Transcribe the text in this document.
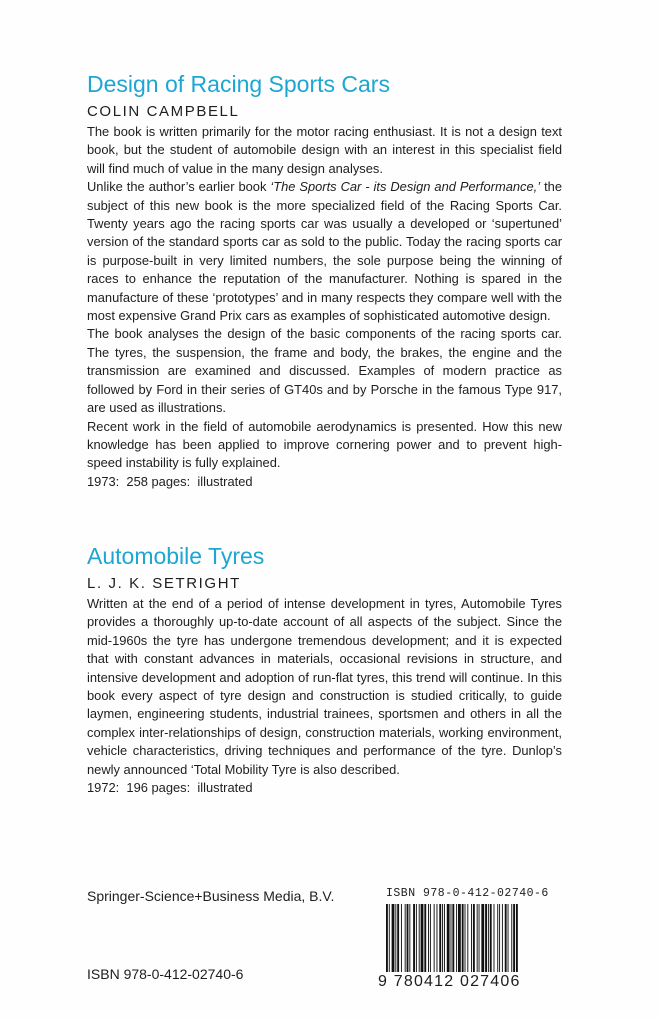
Design of Racing Sports Cars
COLIN CAMPBELL

The book is written primarily for the motor racing enthusiast. It is not a design text book, but the student of automobile design with an interest in this specialist field will find much of value in the many design analyses.

Unlike the author’s earlier book ‘The Sports Car - its Design and Performance,’ the subject of this new book is the more specialized field of the Racing Sports Car. Twenty years ago the racing sports car was usually a developed or ‘supertuned’ version of the standard sports car as sold to the public. Today the racing sports car is purpose-built in very limited numbers, the sole purpose being the winning of races to enhance the reputation of the manufacturer. Nothing is spared in the manufacture of these ‘prototypes’ and in many respects they compare well with the most expensive Grand Prix cars as examples of sophisticated automotive design.

The book analyses the design of the basic components of the racing sports car. The tyres, the suspension, the frame and body, the brakes, the engine and the transmission are examined and discussed. Examples of modern practice as followed by Ford in their series of GT40s and by Porsche in the famous Type 917, are used as illustrations.

Recent work in the field of automobile aerodynamics is presented. How this new knowledge has been applied to improve cornering power and to prevent high-speed instability is fully explained.

1973:  258 pages:  illustrated

Automobile Tyres
L. J. K. SETRIGHT

Written at the end of a period of intense development in tyres, Automobile Tyres provides a thoroughly up-to-date account of all aspects of the subject. Since the mid-1960s the tyre has undergone tremendous development; and it is expected that with constant advances in materials, occasional revisions in structure, and intensive development and adoption of run-flat tyres, this trend will continue. In this book every aspect of tyre design and construction is studied critically, to guide laymen, engineering students, industrial trainees, sportsmen and others in all the complex inter-relationships of design, construction materials, working environment, vehicle characteristics, driving techniques and performance of the tyre. Dunlop’s newly announced ‘Total Mobility Tyre is also described.

1972:  196 pages:  illustrated

Springer-Science+Business Media, B.V.
ISBN 978-0-412-02740-6
ISBN 978-0-412-02740-6
9 780412 027406
